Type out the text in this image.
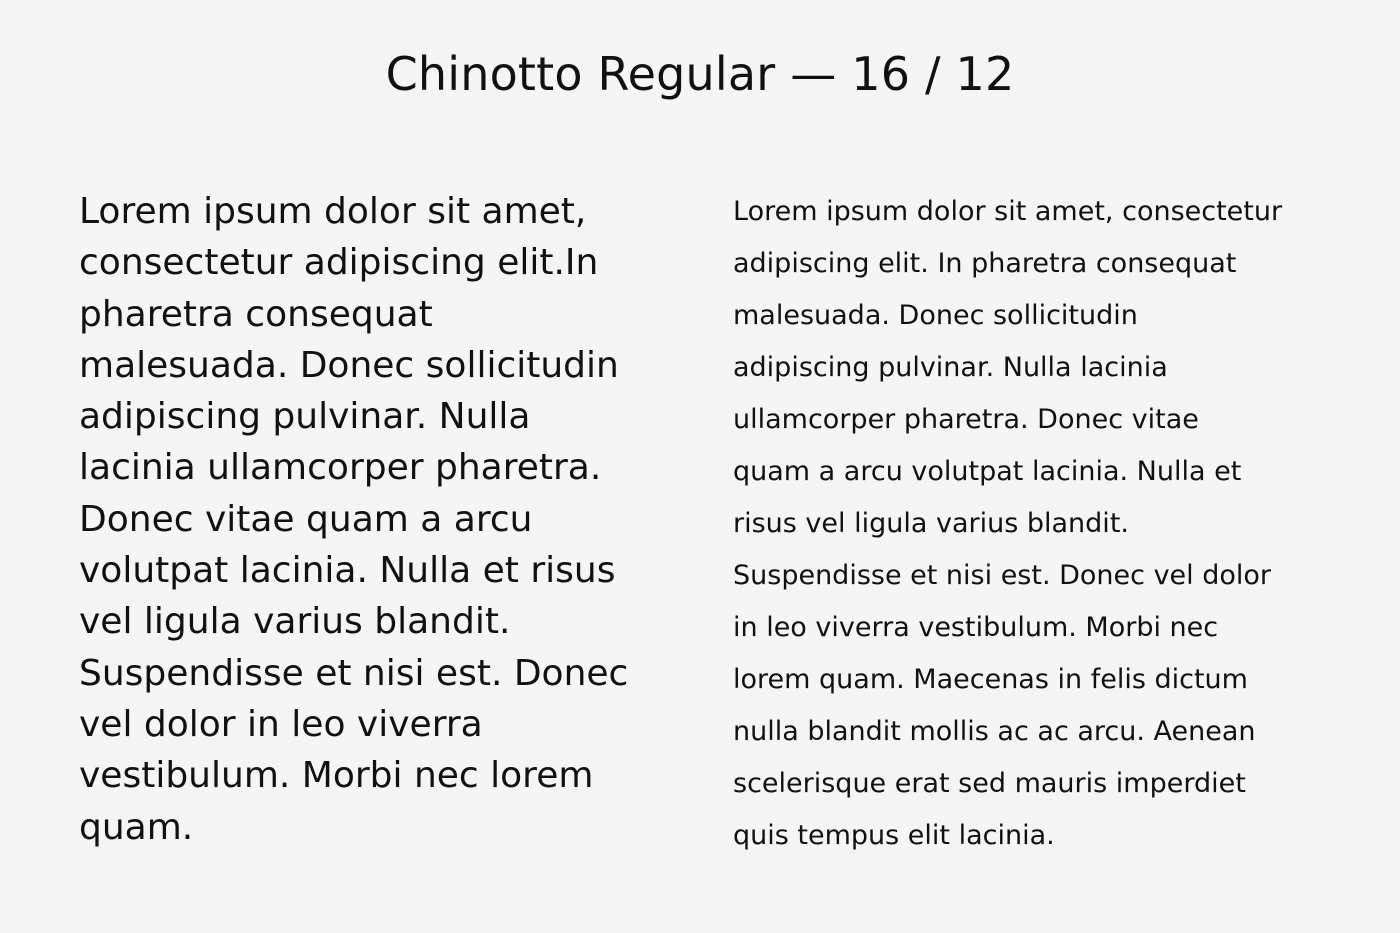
Chinotto Regular — 16 / 12

Lorem ipsum dolor sit amet,
consectetur adipiscing elit.In
pharetra consequat
malesuada. Donec sollicitudin
adipiscing pulvinar. Nulla
lacinia ullamcorper pharetra.
Donec vitae quam a arcu
volutpat lacinia. Nulla et risus
vel ligula varius blandit.
Suspendisse et nisi est. Donec
vel dolor in leo viverra
vestibulum. Morbi nec lorem
quam.

Lorem ipsum dolor sit amet, consectetur
adipiscing elit. In pharetra consequat
malesuada. Donec sollicitudin
adipiscing pulvinar. Nulla lacinia
ullamcorper pharetra. Donec vitae
quam a arcu volutpat lacinia. Nulla et
risus vel ligula varius blandit.
Suspendisse et nisi est. Donec vel dolor
in leo viverra vestibulum. Morbi nec
lorem quam. Maecenas in felis dictum
nulla blandit mollis ac ac arcu. Aenean
scelerisque erat sed mauris imperdiet
quis tempus elit lacinia.
